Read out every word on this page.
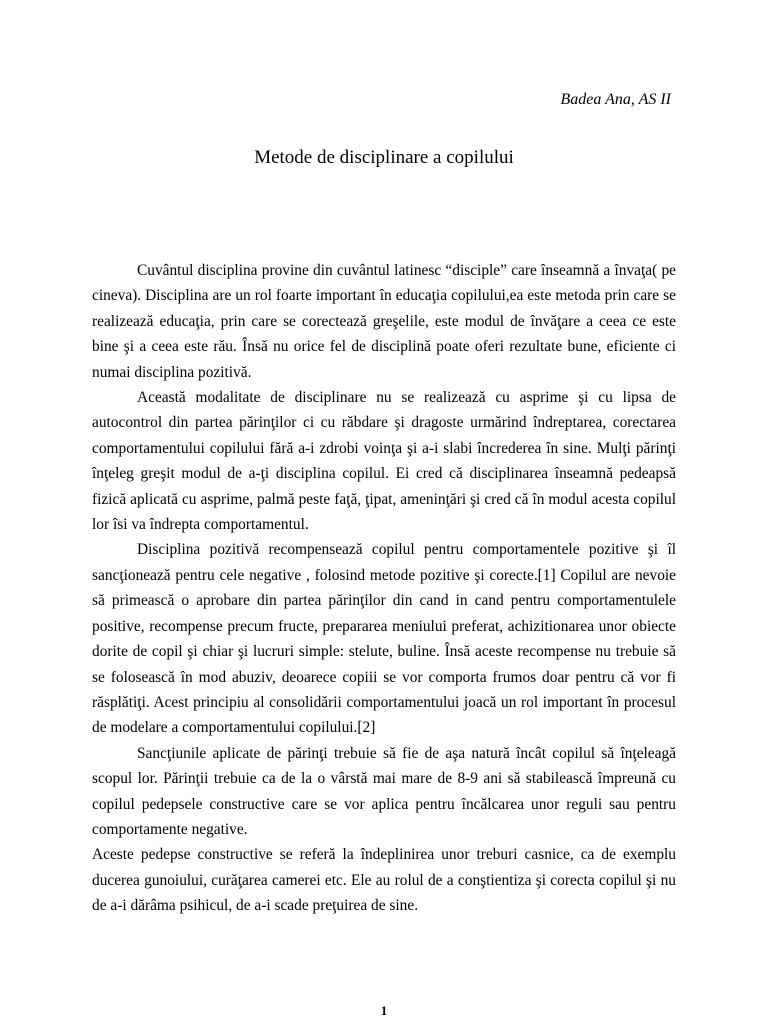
Badea Ana, AS II
Metode de disciplinare a copilului

Cuvântul disciplina provine din cuvântul latinesc “disciple” care înseamnă a învaţa( pe cineva). Disciplina are un rol foarte important în educaţia copilului,ea este metoda prin care se realizează educaţia, prin care se corectează greşelile, este modul de învăţare a ceea ce este bine şi a ceea este rău. Însă nu orice fel de disciplină poate oferi rezultate bune, eficiente ci numai disciplina pozitivă.

Această modalitate de disciplinare nu se realizează cu asprime şi cu lipsa de autocontrol din partea părinţilor ci cu răbdare şi dragoste urmărind îndreptarea, corectarea comportamentului copilului fără a-i zdrobi voinţa şi a-i slabi încrederea în sine. Mulţi părinţi înţeleg greşit modul de a-ţi disciplina copilul. Ei cred că disciplinarea înseamnă pedeapsă fizică aplicată cu asprime, palmă peste faţă, ţipat, ameninţări şi cred că în modul acesta copilul lor îsi va îndrepta comportamentul.

Disciplina pozitivă recompensează copilul pentru comportamentele pozitive şi îl sancţionează pentru cele negative , folosind metode pozitive şi corecte.[1] Copilul are nevoie să primească o aprobare din partea părinţilor din cand in cand pentru comportamentulele positive, recompense precum fructe, prepararea meniului preferat, achizitionarea unor obiecte dorite de copil şi chiar şi lucruri simple: stelute, buline. Însă aceste recompense nu trebuie să se folosească în mod abuziv, deoarece copiii se vor comporta frumos doar pentru că vor fi răsplătiţi. Acest principiu al consolidării comportamentului joacă un rol important în procesul de modelare a comportamentului copilului.[2]

Sancţiunile aplicate de părinţi trebuie să fie de aşa natură încât copilul să înţeleagă scopul lor. Părinţii trebuie ca de la o vârstă mai mare de 8-9 ani să stabilească împreună cu copilul pedepsele constructive care se vor aplica pentru încălcarea unor reguli sau pentru comportamente negative.

Aceste pedepse constructive se referă la îndeplinirea unor treburi casnice, ca de exemplu ducerea gunoiului, curăţarea camerei etc. Ele au rolul de a conştientiza şi corecta copilul şi nu de a-i dărâma psihicul, de a-i scade preţuirea de sine.

1
